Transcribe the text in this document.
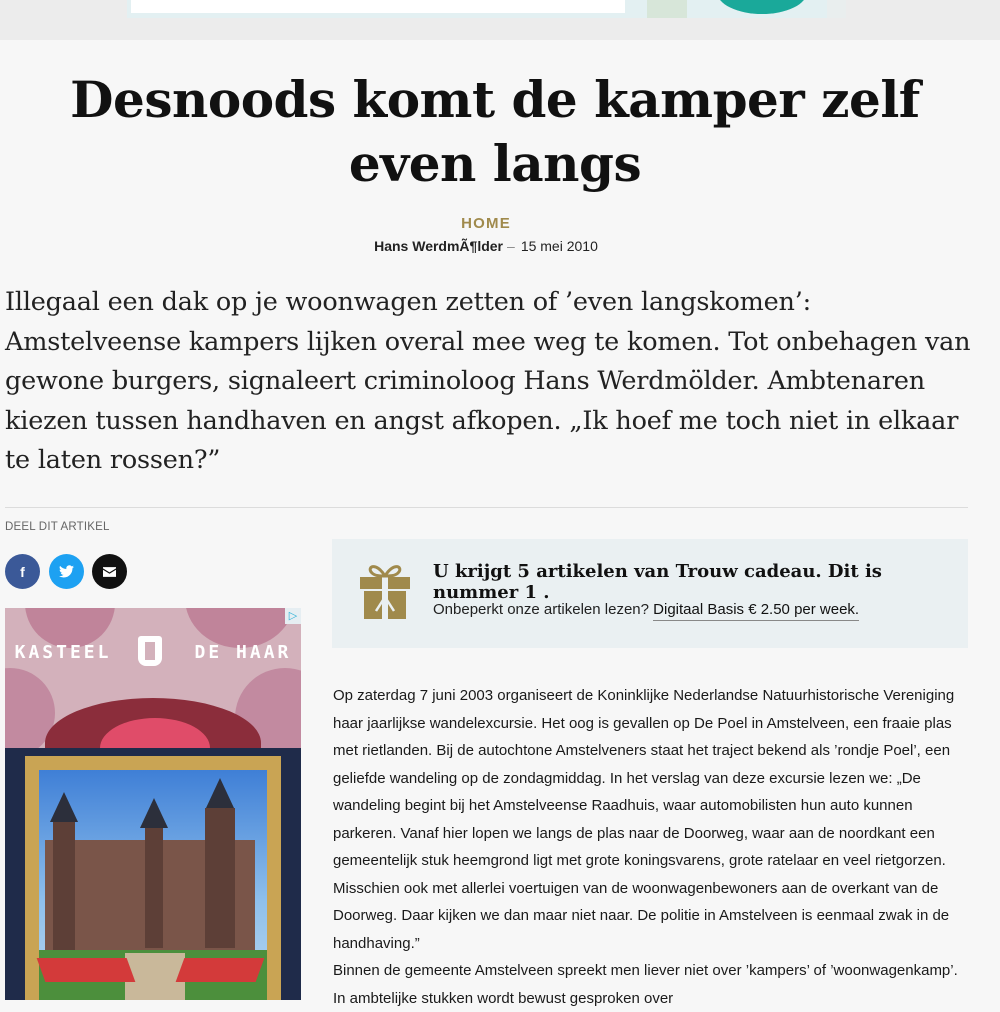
Desnoods komt de kamper zelf even langs
HOME
Hans WerdmÃ¶lder – 15 mei 2010

Illegaal een dak op je woonwagen zetten of ’even langskomen’: Amstelveense kampers lijken overal mee weg te komen. Tot onbehagen van gewone burgers, signaleert criminoloog Hans Werdmölder. Ambtenaren kiezen tussen handhaven en angst afkopen. „Ik hoef me toch niet in elkaar te laten rossen?”

DEEL DIT ARTIKEL
f
KASTEEL	DE HAAR
▷
U krijgt 5 artikelen van Trouw cadeau. Dit is nummer 1 .
Onbeperkt onze artikelen lezen? Digitaal Basis € 2.50 per week.

Op zaterdag 7 juni 2003 organiseert de Koninklijke Nederlandse Natuurhistorische Vereniging haar jaarlijkse wandelexcursie. Het oog is gevallen op De Poel in Amstelveen, een fraaie plas met rietlanden. Bij de autochtone Amstelveners staat het traject bekend als ’rondje Poel’, een geliefde wandeling op de zondagmiddag. In het verslag van deze excursie lezen we: „De wandeling begint bij het Amstelveense Raadhuis, waar automobilisten hun auto kunnen parkeren. Vanaf hier lopen we langs de plas naar de Doorweg, waar aan de noordkant een gemeentelijk stuk heemgrond ligt met grote koningsvarens, grote ratelaar en veel rietgorzen. Misschien ook met allerlei voertuigen van de woonwagenbewoners aan de overkant van de Doorweg. Daar kijken we dan maar niet naar. De politie in Amstelveen is eenmaal zwak in de handhaving.”

Binnen de gemeente Amstelveen spreekt men liever niet over ’kampers’ of ’woonwagenkamp’. In ambtelijke stukken wordt bewust gesproken over
